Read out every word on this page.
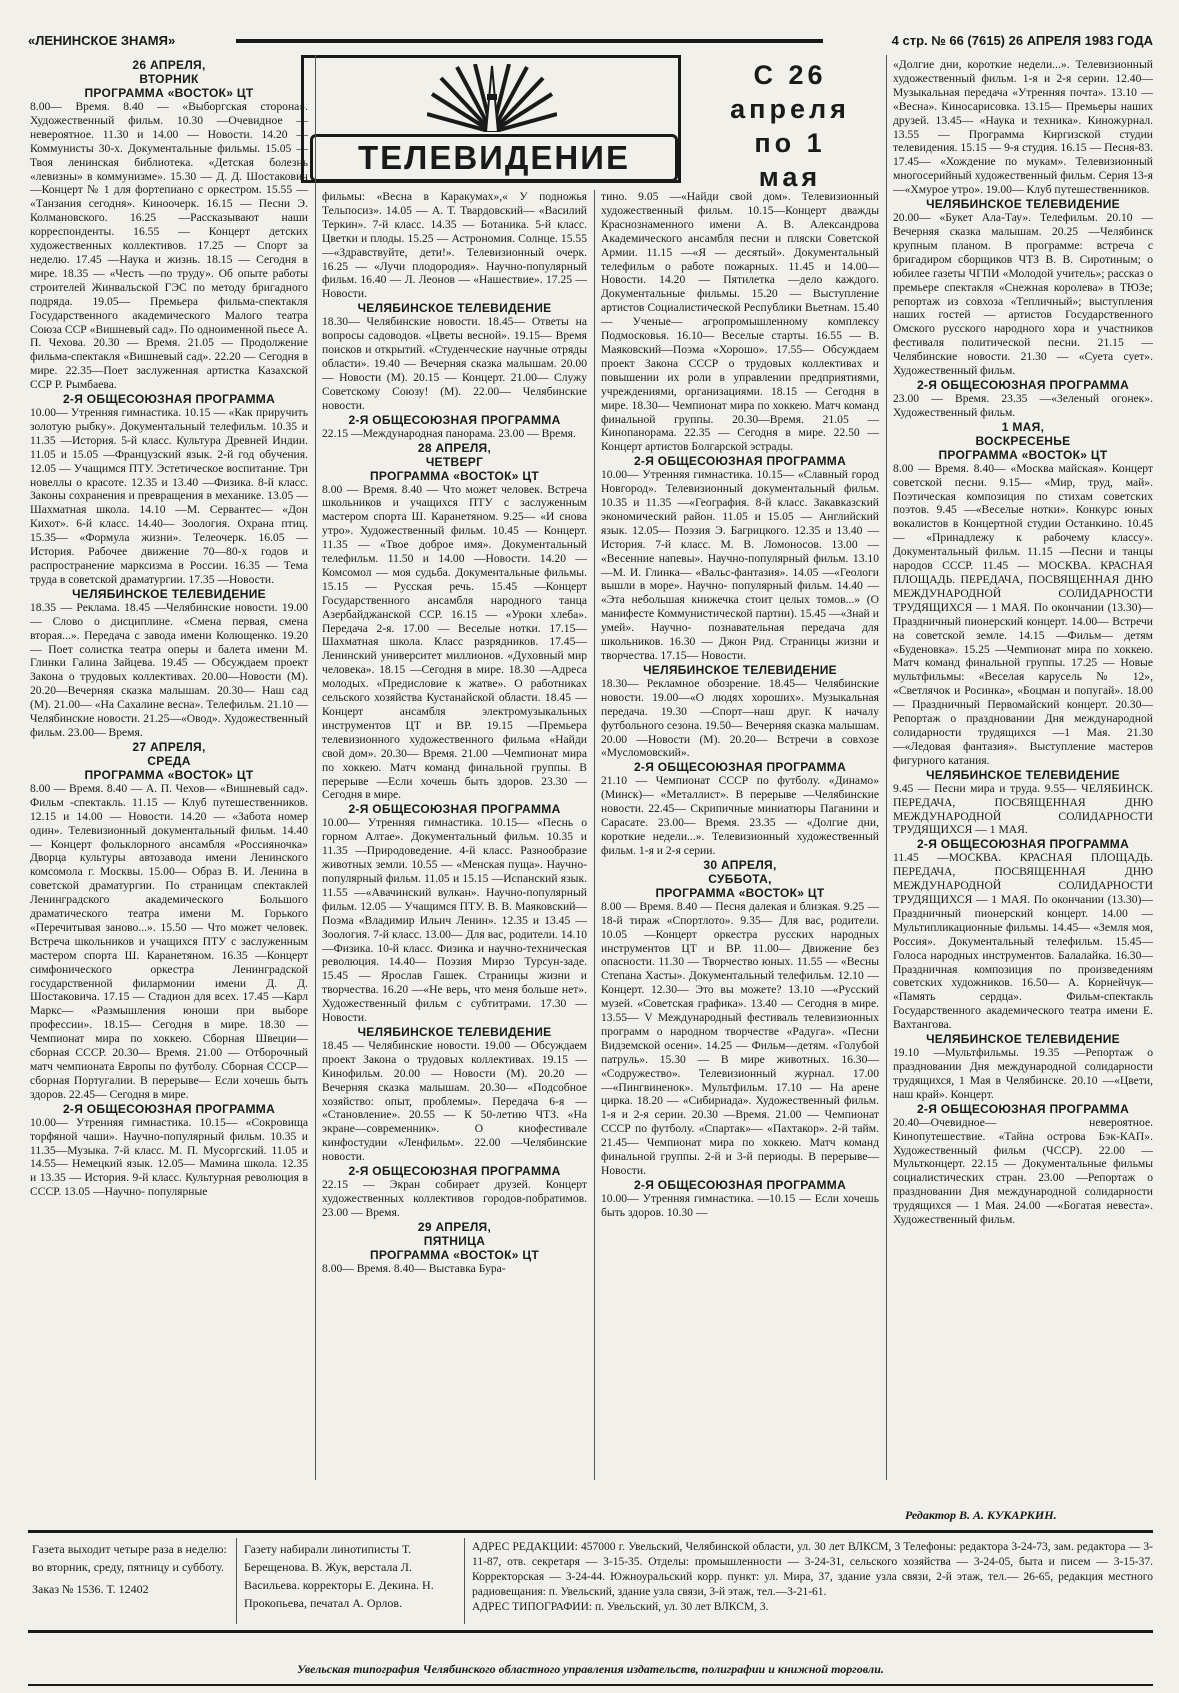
«ЛЕНИНСКОЕ ЗНАМЯ»	4 стр. № 66 (7615) 26 АПРЕЛЯ 1983 ГОДА
ТЕЛЕВИДЕНИЕ
С 26
апреля
по 1
мая
26 АПРЕЛЯ,
ВТОРНИК
ПРОГРАММА «ВОСТОК» ЦТ

8.00— Время. 8.40 — «Выборгская сторона». Художественный фильм. 10.30 —Очевидное —невероятное. 11.30 и 14.00 — Новости. 14.20 —Коммунисты 30-х. Документальные фильмы. 15.05 — Твоя ленинская библиотека. «Детская болезнь «левизны» в коммунизме». 15.30 — Д. Д. Шостакович —Концерт № 1 для фортепиано с оркестром. 15.55 — «Танзания сегодня». Киноочерк. 16.15 — Песни Э. Колмановского. 16.25 —Рассказывают наши корреспонденты. 16.55 — Концерт детских художественных коллективов. 17.25 — Спорт за неделю. 17.45 —Наука и жизнь. 18.15 — Сегодня в мире. 18.35 — «Честь —по труду». Об опыте работы строителей Жинвальской ГЭС по методу бригадного подряда. 19.05— Премьера фильма-спектакля Государственного академического Малого театра Союза ССР «Вишневый сад». По одноименной пьесе А. П. Чехова. 20.30 — Время. 21.05 — Продолжение фильма-спектакля «Вишневый сад». 22.20 — Сегодня в мире. 22.35—Поет заслуженная артистка Казахской ССР Р. Рымбаева.

2-Я ОБЩЕСОЮЗНАЯ ПРОГРАММА

10.00— Утренняя гимнастика. 10.15 — «Как приручить золотую рыбку». Документальный телефильм. 10.35 и 11.35 —История. 5-й класс. Культура Древней Индии. 11.05 и 15.05 —Французский язык. 2-й год обучения. 12.05 — Учащимся ПТУ. Эстетическое воспитание. Три новеллы о красоте. 12.35 и 13.40 —Физика. 8-й класс. Законы сохранения и превращения в механике. 13.05 — Шахматная школа. 14.10 —М. Сервантес— «Дон Кихот». 6-й класс. 14.40— Зоология. Охрана птиц. 15.35— «Формула жизни». Телеочерк. 16.05 — История. Рабочее движение 70—80-х годов и распространение марксизма в России. 16.35 — Тема труда в советской драматургии. 17.35 —Новости.

ЧЕЛЯБИНСКОЕ ТЕЛЕВИДЕНИЕ

18.35 — Реклама. 18.45 —Челябинские новости. 19.00— Слово о дисциплине. «Смена первая, смена вторая...». Передача с завода имени Колющенко. 19.20 — Поет солистка театра оперы и балета имени М. Глинки Галина Зайцева. 19.45 — Обсуждаем проект Закона о трудовых коллективах. 20.00—Новости (М). 20.20—Вечерняя сказка малышам. 20.30— Наш сад (М). 21.00— «На Сахалине весна». Телефильм. 21.10 — Челябинские новости. 21.25—«Овод». Художественный фильм. 23.00— Время.

27 АПРЕЛЯ,
СРЕДА
ПРОГРАММА «ВОСТОК» ЦТ

8.00 — Время. 8.40 — А. П. Чехов— «Вишневый сад». Фильм -спектакль. 11.15 — Клуб путешественников. 12.15 и 14.00 — Новости. 14.20 — «Забота номер один». Телевизионный документальный фильм. 14.40 — Концерт фольклорного ансамбля «Россияночка» Дворца культуры автозавода имени Ленинского комсомола г. Москвы. 15.00— Образ В. И. Ленина в советской драматургии. По страницам спектаклей Ленинградского академического Большого драматического театра имени М. Горького «Перечитывая заново...». 15.50 — Что может человек. Встреча школьников и учащихся ПТУ с заслуженным мастером спорта Ш. Каранетяном. 16.35 —Концерт симфонического оркестра Ленинградской государственной филармонии имени Д. Д. Шостаковича. 17.15 — Стадион для всех. 17.45 —Карл Маркс— «Размышления юноши при выборе профессии». 18.15— Сегодня в мире. 18.30 — Чемпионат мира по хоккею. Сборная Швеции— сборная СССР. 20.30— Время. 21.00 — Отборочный матч чемпионата Европы по футболу. Сборная СССР— сборная Португалии. В перерыве— Если хочешь быть здоров. 22.45— Сегодня в мире.

2-Я ОБЩЕСОЮЗНАЯ ПРОГРАММА

10.00— Утренняя гимнастика. 10.15— «Сокровища торфяной чаши». Научно-популярный фильм. 10.35 и 11.35—Музыка. 7-й класс. М. П. Мусоргский. 11.05 и 14.55— Немецкий язык. 12.05— Мамина школа. 12.35 и 13.35 — История. 9-й класс. Культурная революция в СССР. 13.05 —Научно- популярные

фильмы: «Весна в Каракумах»,« У подножья Тельпосиз». 14.05 — А. Т. Твардовский— «Василий Теркин». 7-й класс. 14.35 — Ботаника. 5-й класс. Цветки и плоды. 15.25 — Астрономия. Солнце. 15.55 —«Здравствуйте, дети!». Телевизионный очерк. 16.25 — «Лучи плодородия». Научно-популярный фильм. 16.40 — Л. Леонов — «Нашествие». 17.25 — Новости.

ЧЕЛЯБИНСКОЕ ТЕЛЕВИДЕНИЕ

18.30— Челябинские новости. 18.45— Ответы на вопросы садоводов. «Цветы весной». 19.15— Время поисков и открытий. «Студенческие научные отряды области». 19.40 — Вечерняя сказка малышам. 20.00— Новости (М). 20.15 — Концерт. 21.00— Служу Советскому Союзу! (М). 22.00— Челябинские новости.

2-Я ОБЩЕСОЮЗНАЯ ПРОГРАММА

22.15 —Международная панорама. 23.00 — Время.

28 АПРЕЛЯ,
ЧЕТВЕРГ
ПРОГРАММА «ВОСТОК» ЦТ

8.00 — Время. 8.40 — Что может человек. Встреча школьников и учащихся ПТУ с заслуженным мастером спорта Ш. Каранетяном. 9.25— «И снова утро». Художественный фильм. 10.45 — Концерт. 11.35 — «Твое доброе имя». Документальный телефильм. 11.50 и 14.00 —Новости. 14.20 —Комсомол — моя судьба. Документальные фильмы. 15.15 — Русская речь. 15.45 —Концерт Государственного ансамбля народного танца Азербайджанской ССР. 16.15 — «Уроки хлеба». Передача 2-я. 17.00 — Веселые нотки. 17.15— Шахматная школа. Класс разрядников. 17.45— Ленинский университет миллионов. «Духовный мир человека». 18.15 —Сегодня в мире. 18.30 —Адреса молодых. «Предисловие к жатве». О работниках сельского хозяйства Кустанайской области. 18.45 — Концерт ансамбля электромузыкальных инструментов ЦТ и ВР. 19.15 —Премьера телевизионного художественного фильма «Найди свой дом». 20.30— Время. 21.00 —Чемпионат мира по хоккею. Матч команд финальной группы. В перерыве —Если хочешь быть здоров. 23.30 — Сегодня в мире.

2-Я ОБЩЕСОЮЗНАЯ ПРОГРАММА

10.00— Утренняя гимнастика. 10.15— «Песнь о горном Алтае». Документальный фильм. 10.35 и 11.35 —Природоведение. 4-й класс. Разнообразие животных земли. 10.55 — «Менская пуща». Научно- популярный фильм. 11.05 и 15.15 —Испанский язык. 11.55 —«Авачинский вулкан». Научно-популярный фильм. 12.05 — Учащимся ПТУ. В. В. Маяковский— Поэма «Владимир Ильич Ленин». 12.35 и 13.45 —Зоология. 7-й класс. 13.00— Для вас, родители. 14.10 —Физика. 10-й класс. Физика и научно-техническая революция. 14.40— Поэзия Мирзо Турсун-заде. 15.45 — Ярослав Гашек. Страницы жизни и творчества. 16.20 —«Не верь, что меня больше нет». Художественный фильм с субтитрами. 17.30 — Новости.

ЧЕЛЯБИНСКОЕ ТЕЛЕВИДЕНИЕ

18.45 — Челябинские новости. 19.00 — Обсуждаем проект Закона о трудовых коллективах. 19.15 — Кинофильм. 20.00 — Новости (М). 20.20 — Вечерняя сказка малышам. 20.30— «Подсобное хозяйство: опыт, проблемы». Передача 6-я — «Становление». 20.55 — К 50-летию ЧТЗ. «На экране—современник». О киофестивале кинфостудии «Ленфильм». 22.00 —Челябинские новости.

2-Я ОБЩЕСОЮЗНАЯ ПРОГРАММА

22.15 — Экран собирает друзей. Концерт художественных коллективов городов-побратимов. 23.00 — Время.

29 АПРЕЛЯ,
ПЯТНИЦА
ПРОГРАММА «ВОСТОК» ЦТ

8.00— Время. 8.40— Выставка Бура-

тино. 9.05 —«Найди свой дом». Телевизионный художественный фильм. 10.15—Концерт дважды Краснознаменного имени А. В. Александрова Академического ансамбля песни и пляски Советской Армии. 11.15 —«Я — десятый». Документальный телефильм о работе пожарных. 11.45 и 14.00— Новости. 14.20 — Пятилетка —дело каждого. Документальные фильмы. 15.20 — Выступление артистов Социалистической Республики Вьетнам. 15.40— Ученые— агропромышленному комплексу Подмосковья. 16.10— Веселые старты. 16.55 — В. Маяковский—Поэма «Хорошо». 17.55— Обсуждаем проект Закона СССР о трудовых коллективах и повышении их роли в управлении предприятиями, учреждениями, организациями. 18.15 — Сегодня в мире. 18.30— Чемпионат мира по хоккею. Матч команд финальной группы. 20.30—Время. 21.05 —Кинопанорама. 22.35 — Сегодня в мире. 22.50 — Концерт артистов Болгарской эстрады.

2-Я ОБЩЕСОЮЗНАЯ ПРОГРАММА

10.00— Утренняя гимнастика. 10.15— «Славный город Новгород». Телевизионный документальный фильм. 10.35 и 11.35 —«География. 8-й класс. Закавказский экономический район. 11.05 и 15.05 — Английский язык. 12.05— Поэзия Э. Багрицкого. 12.35 и 13.40 —История. 7-й класс. М. В. Ломоносов. 13.00 — «Весенние напевы». Научно-популярный фильм. 13.10 —М. И. Глинка— «Вальс-фантазия». 14.05 —«Геологи вышли в море». Научно- популярный фильм. 14.40 — «Эта небольшая книжечка стоит целых томов...» (О манифесте Коммунистической партии). 15.45 —«Знай и умей». Научно- познавательная передача для школьников. 16.30 — Джон Рид. Страницы жизни и творчества. 17.15— Новости.

ЧЕЛЯБИНСКОЕ ТЕЛЕВИДЕНИЕ

18.30— Рекламное обозрение. 18.45— Челябинские новости. 19.00—«О людях хороших». Музыкальная передача. 19.30 —Спорт—наш друг. К началу футбольного сезона. 19.50— Вечерняя сказка малышам. 20.00 —Новости (М). 20.20— Встречи в совхозе «Мусломовский».

2-Я ОБЩЕСОЮЗНАЯ ПРОГРАММА

21.10 — Чемпионат СССР по футболу. «Динамо» (Минск)— «Металлист». В перерыве —Челябинские новости. 22.45— Скрипичные миниатюры Паганини и Сарасате. 23.00— Время. 23.35 — «Долгие дни, короткие недели...». Телевизионный художественный фильм. 1-я и 2-я серии.

30 АПРЕЛЯ,
СУББОТА,
ПРОГРАММА «ВОСТОК» ЦТ

8.00 — Время. 8.40 — Песня далекая и близкая. 9.25 —18-й тираж «Спортлото». 9.35— Для вас, родители. 10.05 —Концерт оркестра русских народных инструментов ЦТ и ВР. 11.00— Движение без опасности. 11.30 — Творчество юных. 11.55 — «Весны Степана Хасты». Документальный телефильм. 12.10 — Концерт. 12.30— Это вы можете? 13.10 —«Русский музей. «Советская графика». 13.40 — Сегодня в мире. 13.55— V Международный фестиваль телевизионных программ о народном творчестве «Радуга». «Песни Видземской осени». 14.25 — Фильм—детям. «Голубой патруль». 15.30 — В мире животных. 16.30— «Содружество». Телевизионный журнал. 17.00 —«Пингвиненок». Мультфильм. 17.10 — На арене цирка. 18.20 — «Сибириада». Художественный фильм. 1-я и 2-я серии. 20.30 —Время. 21.00 — Чемпионат СССР по футболу. «Спартак»— «Пахтакор». 2-й тайм. 21.45— Чемпионат мира по хоккею. Матч команд финальной группы. 2-й и 3-й периоды. В перерыве— Новости.

2-Я ОБЩЕСОЮЗНАЯ ПРОГРАММА

10.00— Утренняя гимнастика. —10.15 — Если хочешь быть здоров. 10.30 —

«Долгие дни, короткие недели...». Телевизионный художественный фильм. 1-я и 2-я серии. 12.40— Музыкальная передача «Утренняя почта». 13.10 — «Весна». Киносарисовка. 13.15— Премьеры наших друзей. 13.45— «Наука и техника». Киножурнал. 13.55 — Программа Киргизской студии телевидения. 15.15 — 9-я студия. 16.15 — Песня-83. 17.45— «Хождение по мукам». Телевизионный многосерийный художественный фильм. Серия 13-я—«Хмурое утро». 19.00— Клуб путешественников.

ЧЕЛЯБИНСКОЕ ТЕЛЕВИДЕНИЕ

20.00— «Букет Ала-Тау». Телефильм. 20.10 — Вечерняя сказка малышам. 20.25 —Челябинск крупным планом. В программе: встреча с бригадиром сборщиков ЧТЗ В. В. Сиротиным; о юбилее газеты ЧГПИ «Молодой учитель»; рассказ о премьере спектакля «Снежная королева» в ТЮЗе; репортаж из совхоза «Тепличный»; выступления наших гостей — артистов Государственного Омского русского народного хора и участников фестиваля политической песни. 21.15 —Челябинские новости. 21.30 — «Суета сует». Художественный фильм.

2-Я ОБЩЕСОЮЗНАЯ ПРОГРАММА

23.00 — Время. 23.35 —«Зеленый огонек». Художественный фильм.

1 МАЯ,
ВОСКРЕСЕНЬЕ
ПРОГРАММА «ВОСТОК» ЦТ

8.00 — Время. 8.40— «Москва майская». Концерт советской песни. 9.15— «Мир, труд, май». Поэтическая композиция по стихам советских поэтов. 9.45 —«Веселые нотки». Конкурс юных вокалистов в Концертной студии Останкино. 10.45 — «Принадлежу к рабочему классу». Документальный фильм. 11.15 —Песни и танцы народов СССР. 11.45 — МОСКВА. КРАСНАЯ ПЛОЩАДЬ. ПЕРЕДАЧА, ПОСВЯЩЕННАЯ ДНЮ МЕЖДУНАРОДНОЙ СОЛИДАРНОСТИ ТРУДЯЩИХСЯ — 1 МАЯ. По окончании (13.30)— Праздничный пионерский концерт. 14.00— Встречи на советской земле. 14.15 —Фильм— детям «Буденовка». 15.25 —Чемпионат мира по хоккею. Матч команд финальной группы. 17.25 — Новые мультфильмы: «Веселая карусель № 12», «Светлячок и Росинка», «Боцман и попугай». 18.00— Праздничный Первомайский концерт. 20.30— Репортаж о праздновании Дня международной солидарности трудящихся —1 Мая. 21.30 —«Ледовая фантазия». Выступление мастеров фигурного катания.

ЧЕЛЯБИНСКОЕ ТЕЛЕВИДЕНИЕ

9.45 — Песни мира и труда. 9.55— ЧЕЛЯБИНСК. ПЕРЕДАЧА, ПОСВЯЩЕННАЯ ДНЮ МЕЖДУНАРОДНОЙ СОЛИДАРНОСТИ ТРУДЯЩИХСЯ — 1 МАЯ.

2-Я ОБЩЕСОЮЗНАЯ ПРОГРАММА

11.45 —МОСКВА. КРАСНАЯ ПЛОЩАДЬ. ПЕРЕДАЧА, ПОСВЯЩЕННАЯ ДНЮ МЕЖДУНАРОДНОЙ СОЛИДАРНОСТИ ТРУДЯЩИХСЯ — 1 МАЯ. По окончании (13.30)— Праздничный пионерский концерт. 14.00 —Мультипликационные фильмы. 14.45— «Земля моя, Россия». Документальный телефильм. 15.45— Голоса народных инструментов. Балалайка. 16.30— Праздничная композиция по произведениям советских художников. 16.50— А. Корнейчук— «Память сердца». Фильм-спектакль Государственного академического театра имени Е. Вахтангова.

ЧЕЛЯБИНСКОЕ ТЕЛЕВИДЕНИЕ

19.10 —Мультфильмы. 19.35 —Репортаж о праздновании Дня международной солидарности трудящихся, 1 Мая в Челябинске. 20.10 —«Цвети, наш край». Концерт.

2-Я ОБЩЕСОЮЗНАЯ ПРОГРАММА

20.40—Очевидное— невероятное. Кинопутешествие. «Тайна острова Бэк-КАП». Художественный фильм (ЧССР). 22.00 — Мультконцерт. 22.15 — Документальные фильмы социалистических стран. 23.00 —Репортаж о праздновании Дня международной солидарности трудящихся — 1 Мая. 24.00 —«Богатая невеста». Художественный фильм.

Редактор В. А. КУКАРКИН.
Газета выходит четыре раза в неделю: во вторник, среду, пятницу и субботу.
Заказ № 1536. Т. 12402
Газету набирали линотиписты Т. Берещенова. В. Жук, верстала Л. Васильева. корректоры Е. Декина. Н. Прокопьева, печатал А. Орлов.
АДРЕС РЕДАКЦИИ: 457000 г. Увельский, Челябинской области, ул. 30 лет ВЛКСМ, 3 Телефоны: редактора 3-24-73, зам. редактора — 3-11-87, отв. секретаря — 3-15-35. Отделы: промышленности — 3-24-31, сельского хозяйства — 3-24-05, быта и писем — 3-15-37. Корректорская — 3-24-44. Южноуральский корр. пункт: ул. Мира, 37, здание узла связи, 2-й этаж, тел.— 26-65, редакция местного радиовещания: п. Увельский, здание узла связи, 3-й этаж, тел.—3-21-61.
АДРЕС ТИПОГРАФИИ: п. Увельский, ул. 30 лет ВЛКСМ, 3.
Увельская типография Челябинского областного управления издательств, полиграфии и книжной торговли.
